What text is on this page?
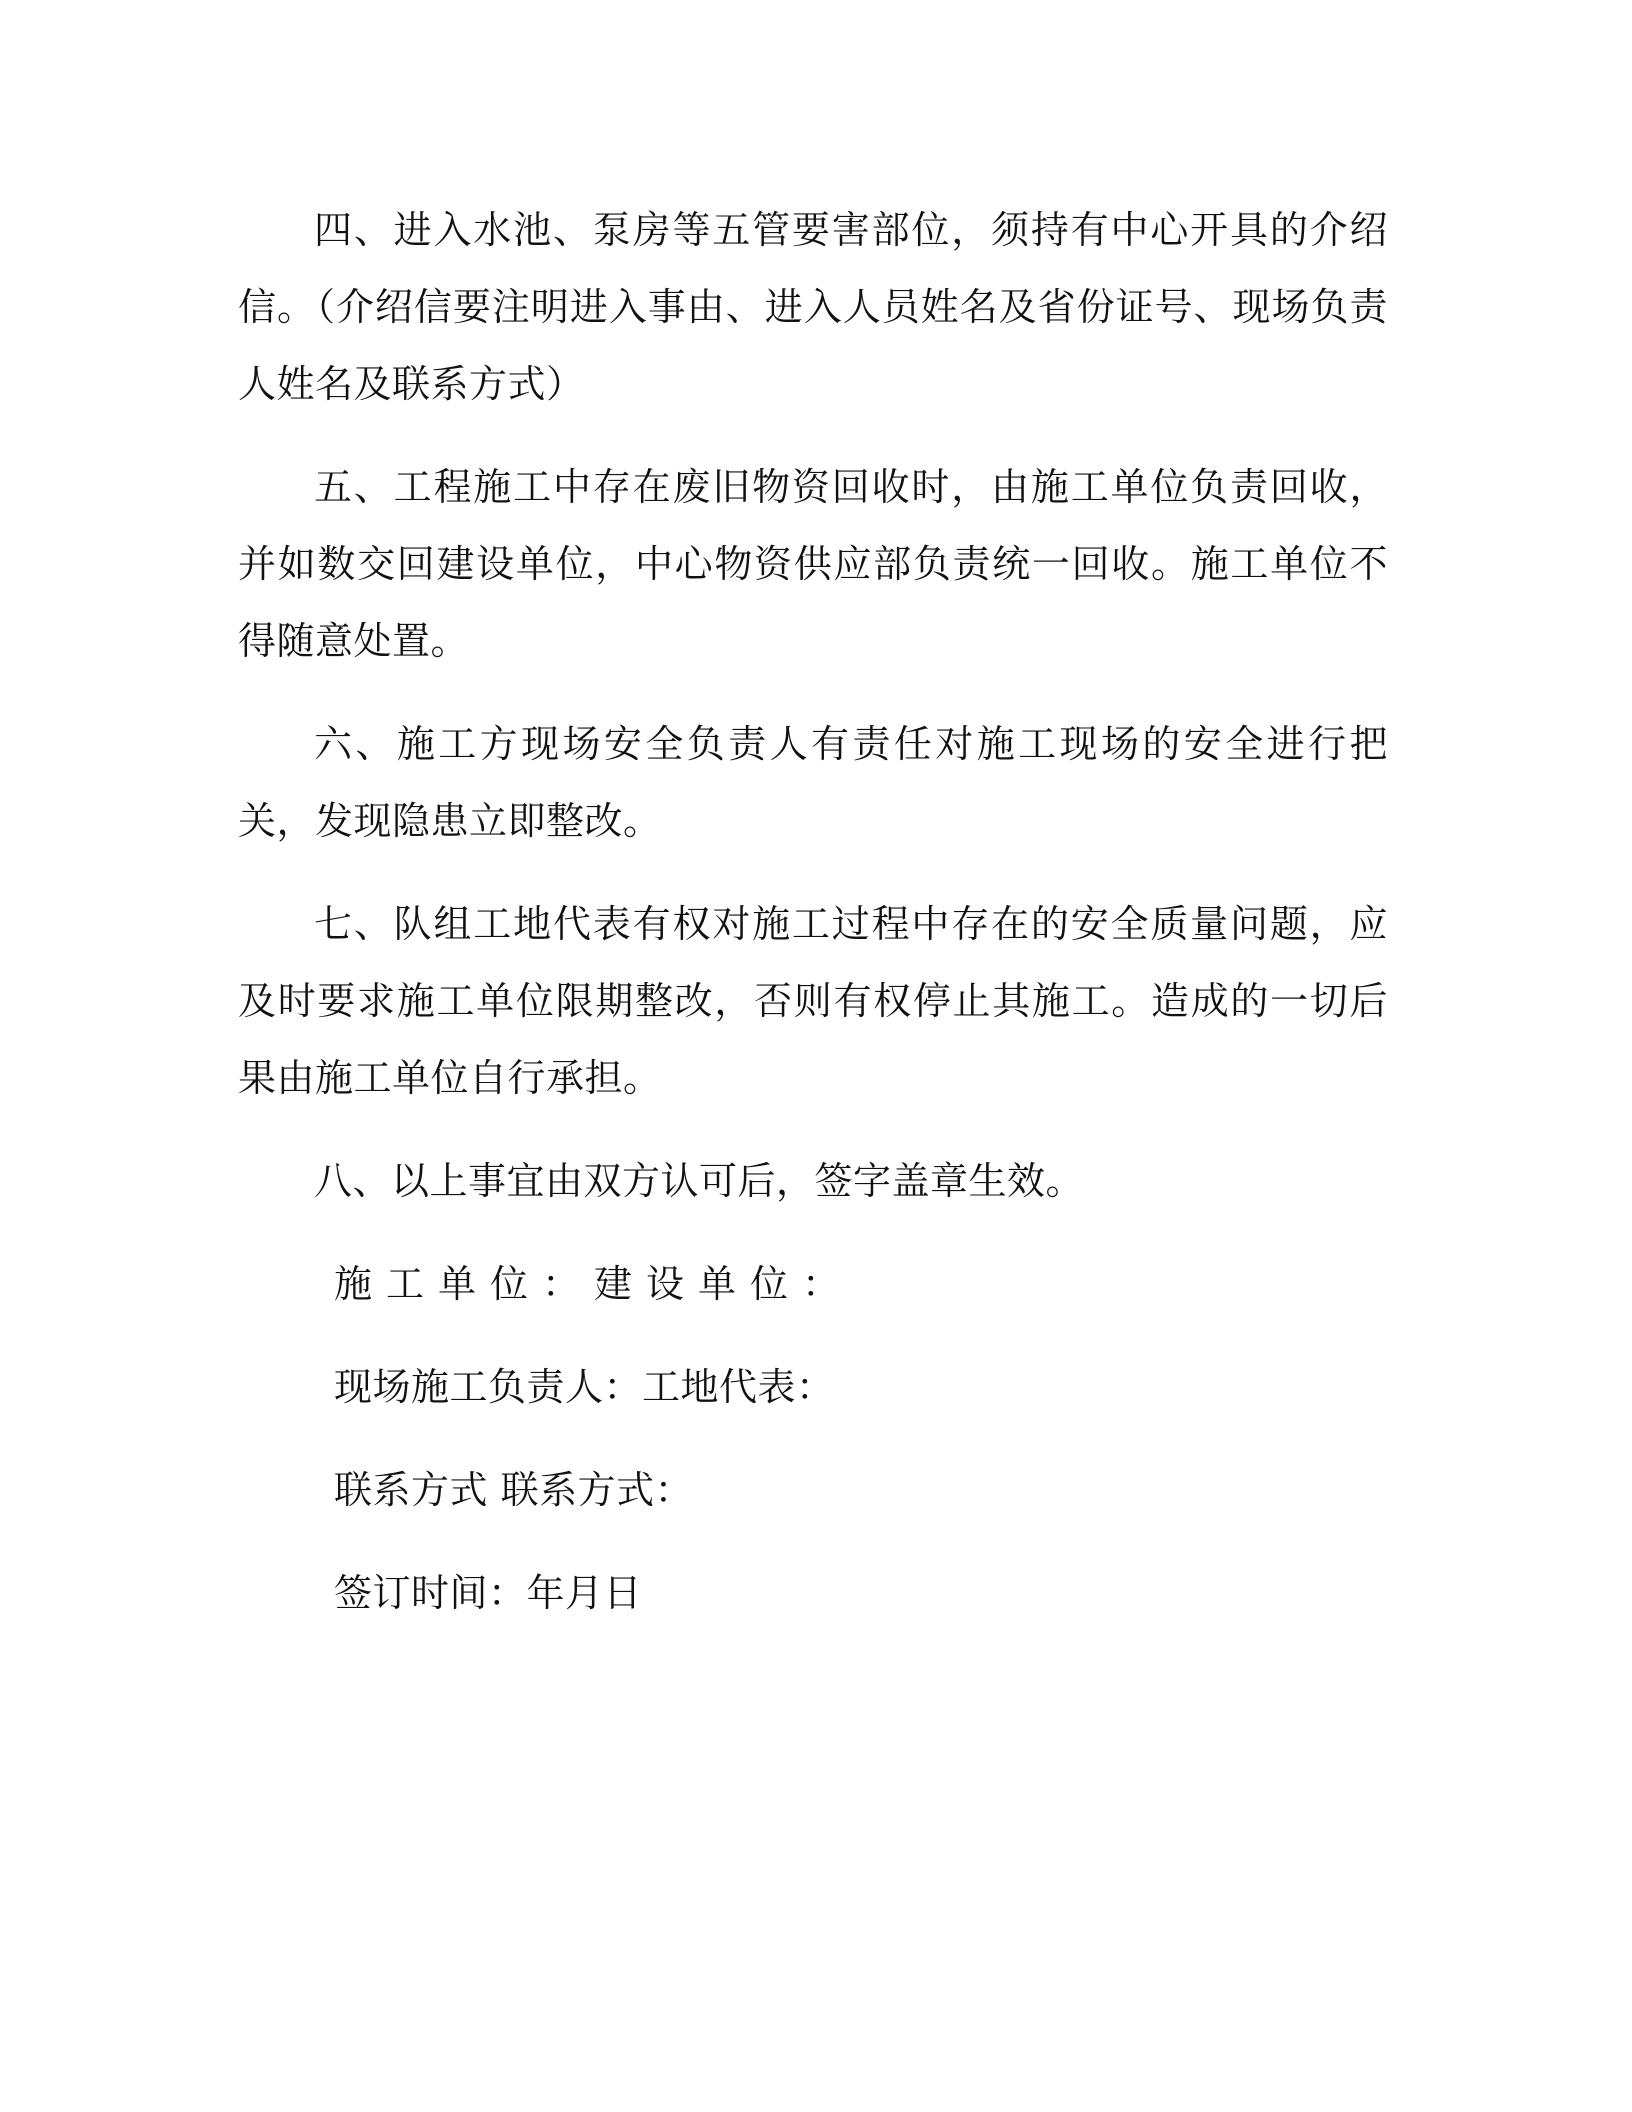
四、进入水池、泵房等五管要害部位，须持有中心开具的介绍信。（介绍信要注明进入事由、进入人员姓名及省份证号、现场负责人姓名及联系方式）

五、工程施工中存在废旧物资回收时，由施工单位负责回收，并如数交回建设单位，中心物资供应部负责统一回收。施工单位不得随意处置。

六、施工方现场安全负责人有责任对施工现场的安全进行把关，发现隐患立即整改。

七、队组工地代表有权对施工过程中存在的安全质量问题，应及时要求施工单位限期整改，否则有权停止其施工。造成的一切后果由施工单位自行承担。

八、以上事宜由双方认可后，签字盖章生效。

施工单位：建设单位：
现场施工负责人：工地代表：
联系方式 联系方式：
签订时间：年月日
